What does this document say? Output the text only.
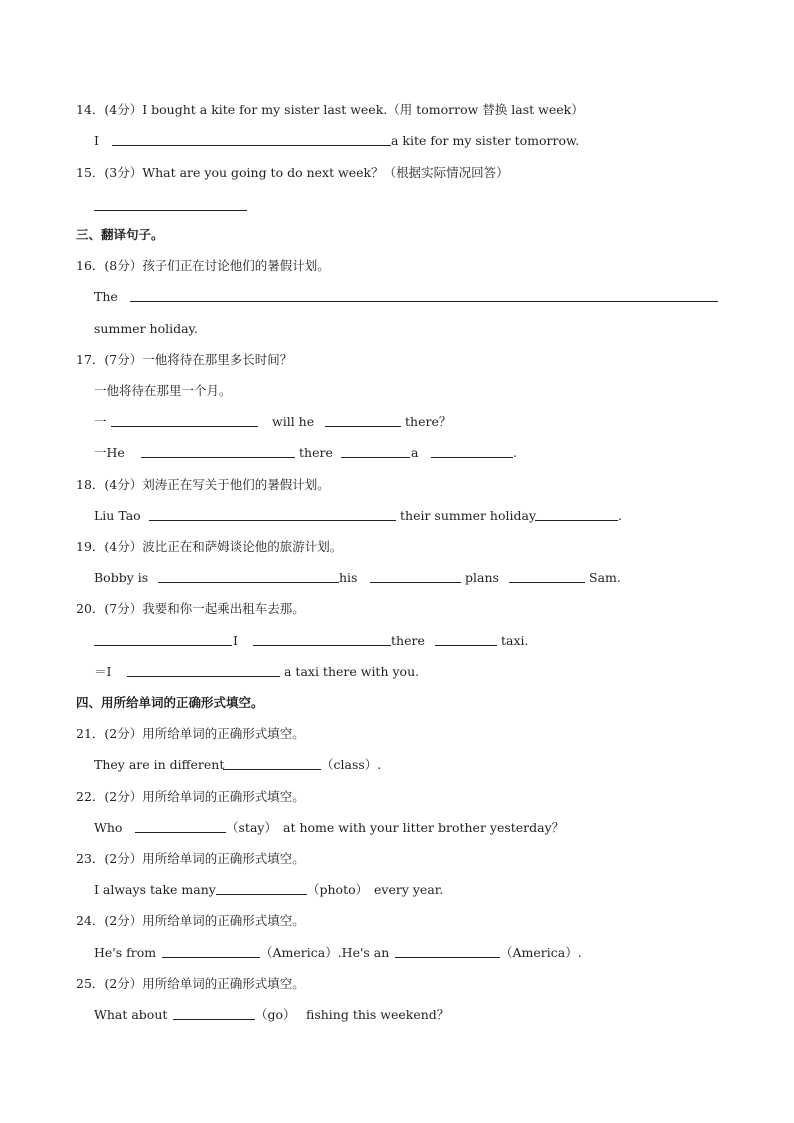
14．(4分）I bought a kite for my sister last week.（用 tomorrow 替换 last week）
I	a kite for my sister tomorrow.
15．(3分）What are you going to do next week？（根据实际情况回答）
三、翻译句子。
16．(8分）孩子们正在讨论他们的暑假计划。
The
summer holiday.
17．(7分）一他将待在那里多长时间？
一他将待在那里一个月。
一	will he	there？
一He	there	a	.
18．(4分）刘涛正在写关于他们的暑假计划。
Liu Tao	their summer holiday	.
19．(4分）波比正在和萨姆谈论他的旅游计划。
Bobby is	his	plans	Sam.
20．(7分）我要和你一起乘出租车去那。
I	there	taxi.
＝I	a taxi there with you.
四、用所给单词的正确形式填空。
21．(2分）用所给单词的正确形式填空。
They are in different	（class）.
22．(2分）用所给单词的正确形式填空。
Who	（stay） at home with your litter brother yesterday？
23．(2分）用所给单词的正确形式填空。
I always take many	（photo） every year.
24．(2分）用所给单词的正确形式填空。
He's from	（America）.He's an	（America）.
25．(2分）用所给单词的正确形式填空。
What about	（go） fishing this weekend？
